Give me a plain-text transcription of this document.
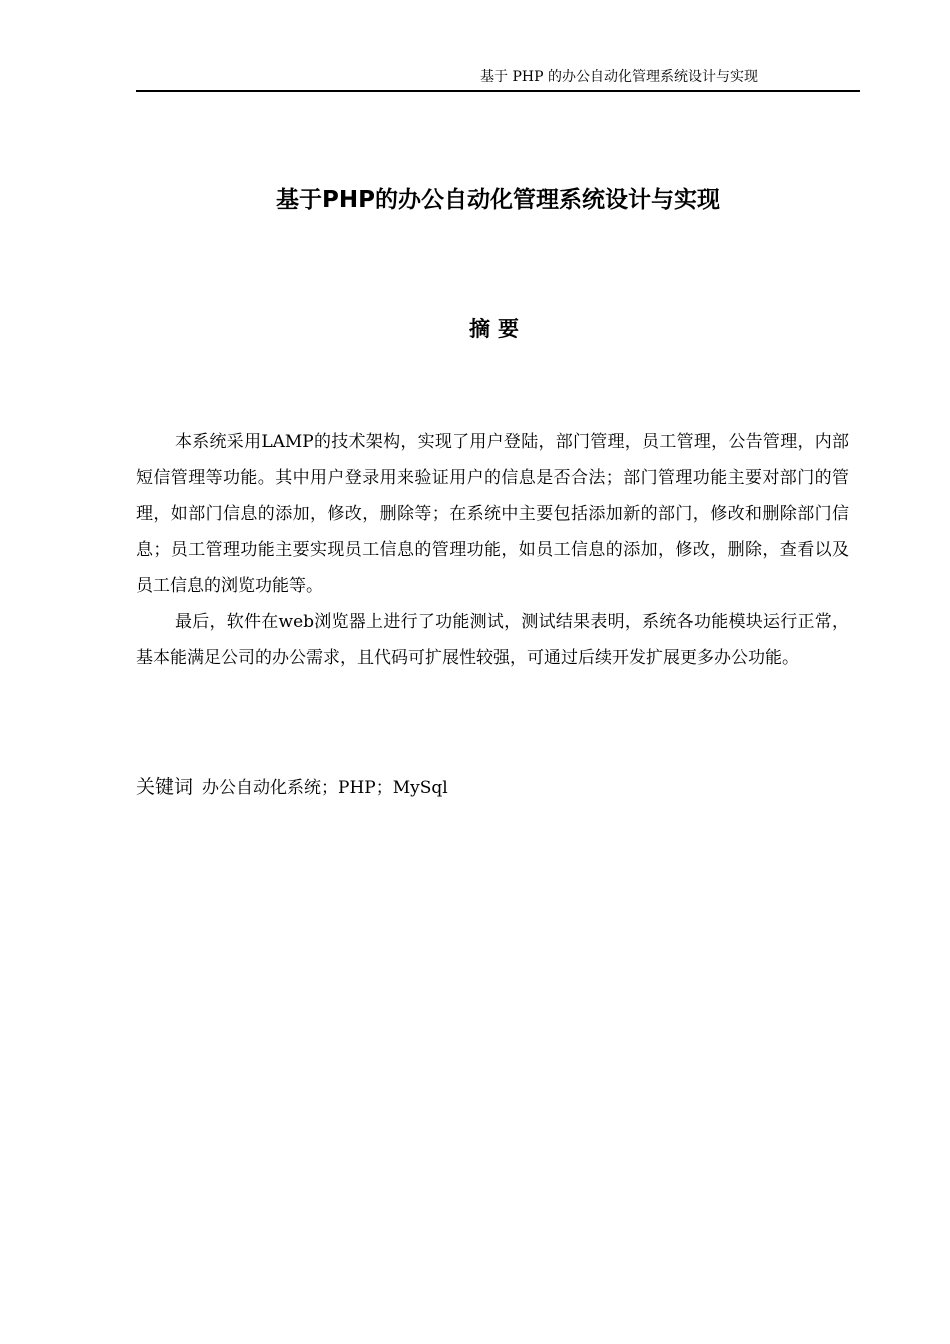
基于 PHP 的办公自动化管理系统设计与实现
基于PHP的办公自动化管理系统设计与实现
摘要

本系统采用LAMP的技术架构，实现了用户登陆，部门管理，员工管理，公告管理，内部短信管理等功能。其中用户登录用来验证用户的信息是否合法；部门管理功能主要对部门的管理，如部门信息的添加，修改，删除等；在系统中主要包括添加新的部门，修改和删除部门信息；员工管理功能主要实现员工信息的管理功能，如员工信息的添加，修改，删除，查看以及员工信息的浏览功能等。

最后，软件在web浏览器上进行了功能测试，测试结果表明，系统各功能模块运行正常，基本能满足公司的办公需求，且代码可扩展性较强，可通过后续开发扩展更多办公功能。

关键词 办公自动化系统；PHP；MySql
